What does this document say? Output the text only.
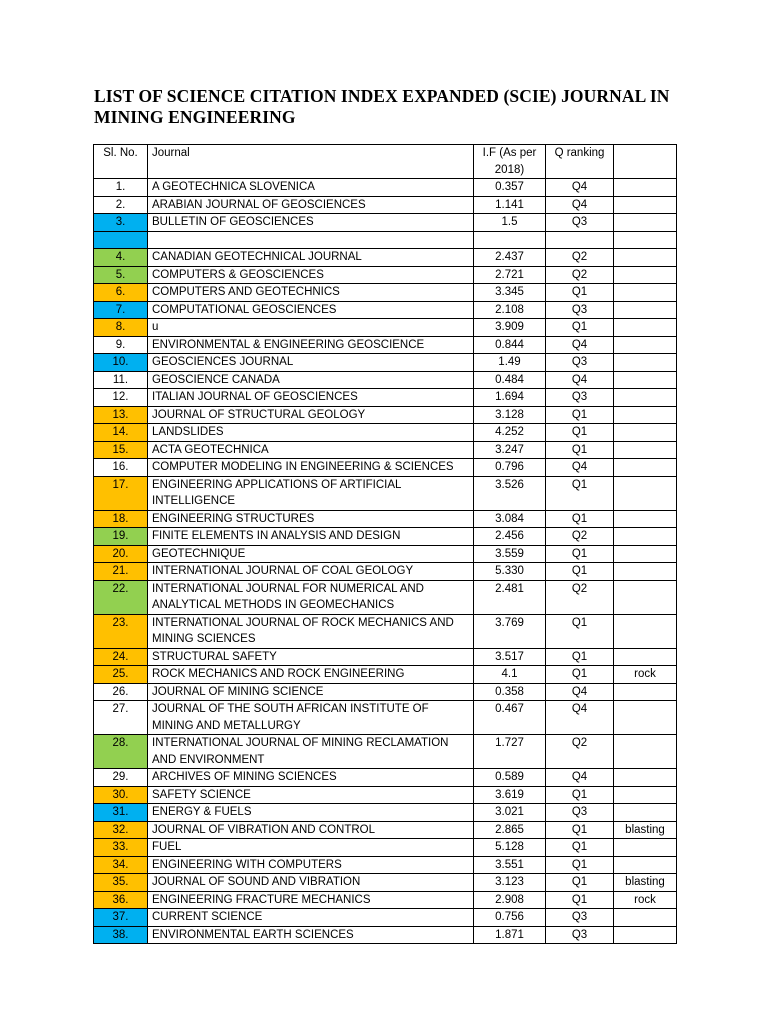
LIST OF SCIENCE CITATION INDEX EXPANDED (SCIE) JOURNAL IN MINING ENGINEERING
Sl. No.	Journal	I.F (As per 2018)	Q ranking	
1.	A GEOTECHNICA SLOVENICA	0.357	Q4	
2.	ARABIAN JOURNAL OF GEOSCIENCES	1.141	Q4	
3.	BULLETIN OF GEOSCIENCES	1.5	Q3	

4.	CANADIAN GEOTECHNICAL JOURNAL	2.437	Q2	
5.	COMPUTERS & GEOSCIENCES	2.721	Q2	
6.	COMPUTERS AND GEOTECHNICS	3.345	Q1	
7.	COMPUTATIONAL GEOSCIENCES	2.108	Q3	
8.	u	3.909	Q1	
9.	ENVIRONMENTAL & ENGINEERING GEOSCIENCE	0.844	Q4	
10.	GEOSCIENCES JOURNAL	1.49	Q3	
11.	GEOSCIENCE CANADA	0.484	Q4	
12.	ITALIAN JOURNAL OF GEOSCIENCES	1.694	Q3	
13.	JOURNAL OF STRUCTURAL GEOLOGY	3.128	Q1	
14.	LANDSLIDES	4.252	Q1	
15.	ACTA GEOTECHNICA	3.247	Q1	
16.	COMPUTER MODELING IN ENGINEERING & SCIENCES	0.796	Q4	
17.	ENGINEERING APPLICATIONS OF ARTIFICIAL INTELLIGENCE	3.526	Q1	
18.	ENGINEERING STRUCTURES	3.084	Q1	
19.	FINITE ELEMENTS IN ANALYSIS AND DESIGN	2.456	Q2	
20.	GEOTECHNIQUE	3.559	Q1	
21.	INTERNATIONAL JOURNAL OF COAL GEOLOGY	5.330	Q1	
22.	INTERNATIONAL JOURNAL FOR NUMERICAL AND ANALYTICAL METHODS IN GEOMECHANICS	2.481	Q2	
23.	INTERNATIONAL JOURNAL OF ROCK MECHANICS AND MINING SCIENCES	3.769	Q1	
24.	STRUCTURAL SAFETY	3.517	Q1	
25.	ROCK MECHANICS AND ROCK ENGINEERING	4.1	Q1	rock
26.	JOURNAL OF MINING SCIENCE	0.358	Q4	
27.	JOURNAL OF THE SOUTH AFRICAN INSTITUTE OF MINING AND METALLURGY	0.467	Q4	
28.	INTERNATIONAL JOURNAL OF MINING RECLAMATION AND ENVIRONMENT	1.727	Q2	
29.	ARCHIVES OF MINING SCIENCES	0.589	Q4	
30.	SAFETY SCIENCE	3.619	Q1	
31.	ENERGY & FUELS	3.021	Q3	
32.	JOURNAL OF VIBRATION AND CONTROL	2.865	Q1	blasting
33.	FUEL	5.128	Q1	
34.	ENGINEERING WITH COMPUTERS	3.551	Q1	
35.	JOURNAL OF SOUND AND VIBRATION	3.123	Q1	blasting
36.	ENGINEERING FRACTURE MECHANICS	2.908	Q1	rock
37.	CURRENT SCIENCE	0.756	Q3	
38.	ENVIRONMENTAL EARTH SCIENCES	1.871	Q3	
